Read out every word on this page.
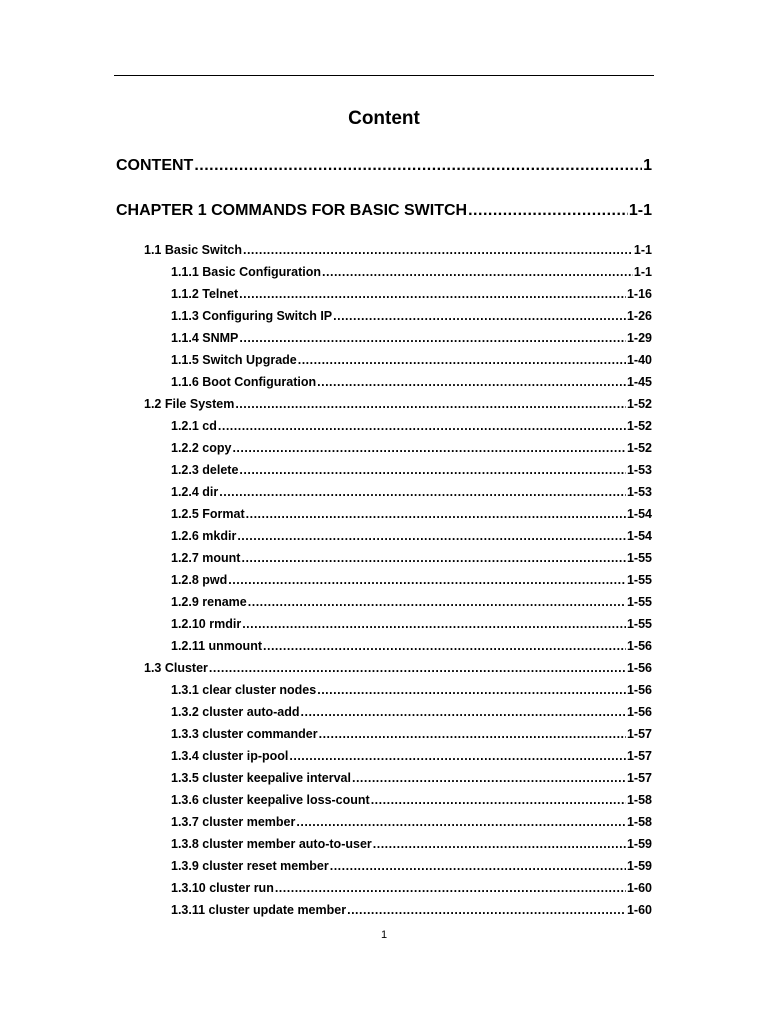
Content
CONTENT .....	1
CHAPTER 1 COMMANDS FOR BASIC SWITCH .....	1-1
1.1 Basic Switch .....	1-1
1.1.1 Basic Configuration .....	1-1
1.1.2 Telnet .....	1-16
1.1.3 Configuring Switch IP .....	1-26
1.1.4 SNMP .....	1-29
1.1.5 Switch Upgrade .....	1-40
1.1.6 Boot Configuration .....	1-45
1.2 File System .....	1-52
1.2.1 cd .....	1-52
1.2.2 copy .....	1-52
1.2.3 delete .....	1-53
1.2.4 dir .....	1-53
1.2.5 Format .....	1-54
1.2.6 mkdir .....	1-54
1.2.7 mount .....	1-55
1.2.8 pwd .....	1-55
1.2.9 rename .....	1-55
1.2.10 rmdir .....	1-55
1.2.11 unmount .....	1-56
1.3 Cluster .....	1-56
1.3.1 clear cluster nodes .....	1-56
1.3.2 cluster auto-add .....	1-56
1.3.3 cluster commander .....	1-57
1.3.4 cluster ip-pool .....	1-57
1.3.5 cluster keepalive interval .....	1-57
1.3.6 cluster keepalive loss-count .....	1-58
1.3.7 cluster member .....	1-58
1.3.8 cluster member auto-to-user .....	1-59
1.3.9 cluster reset member .....	1-59
1.3.10 cluster run .....	1-60
1.3.11 cluster update member .....	1-60
1
